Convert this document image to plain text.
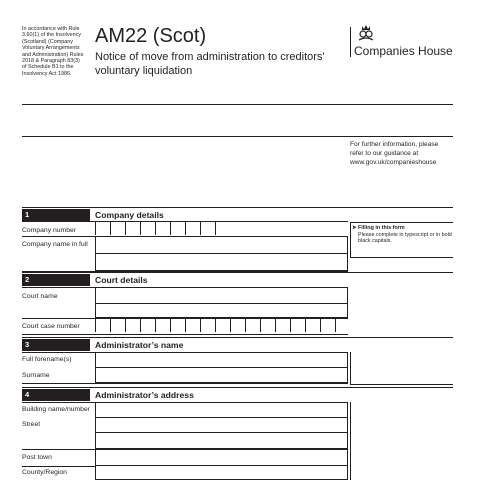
In accordance with Rule 3.60(1) of the Insolvency (Scotland) (Company Voluntary Arrangements and Administration) Rules 2018 & Paragraph 83(3) of Schedule B1 to the Insolvency Act 1986.
AM22 (Scot)
Notice of move from administration to creditors' voluntary liquidation
Companies House
For further information, please refer to our guidance at www.gov.uk/companieshouse
1	Company details
Company number
Company name in full
➤ Filling in this form
Please complete in typescript or in bold black capitals.
2	Court details
Court name
Court case number
3	Administrator’s name
Full forename(s)
Surname
4	Administrator’s address
Building name/number
Street
Post town
County/Region
